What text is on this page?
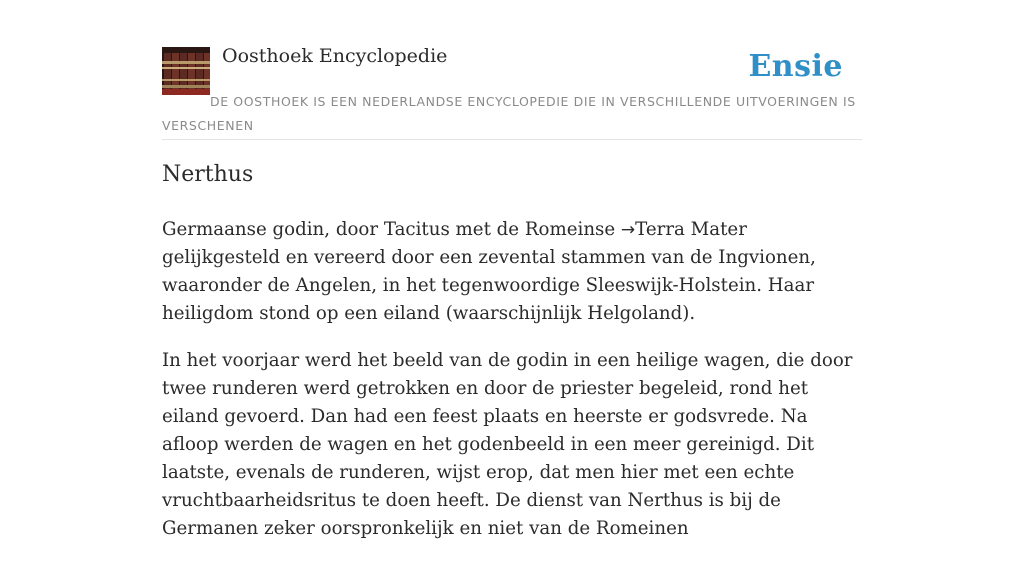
Oosthoek Encyclopedie	Ensie
DE OOSTHOEK IS EEN NEDERLANDSE ENCYCLOPEDIE DIE IN VERSCHILLENDE UITVOERINGEN IS VERSCHENEN
Nerthus

Germaanse godin, door Tacitus met de Romeinse →Terra Mater gelijkgesteld en vereerd door een zevental stammen van de Ingvionen, waaronder de Angelen, in het tegenwoordige Sleeswijk-Holstein. Haar heiligdom stond op een eiland (waarschijnlijk Helgoland).

In het voorjaar werd het beeld van de godin in een heilige wagen, die door twee runderen werd getrokken en door de priester begeleid, rond het eiland gevoerd. Dan had een feest plaats en heerste er godsvrede. Na afloop werden de wagen en het godenbeeld in een meer gereinigd. Dit laatste, evenals de runderen, wijst erop, dat men hier met een echte vruchtbaarheidsritus te doen heeft. De dienst van Nerthus is bij de Germanen zeker oorspronkelijk en niet van de Romeinen
